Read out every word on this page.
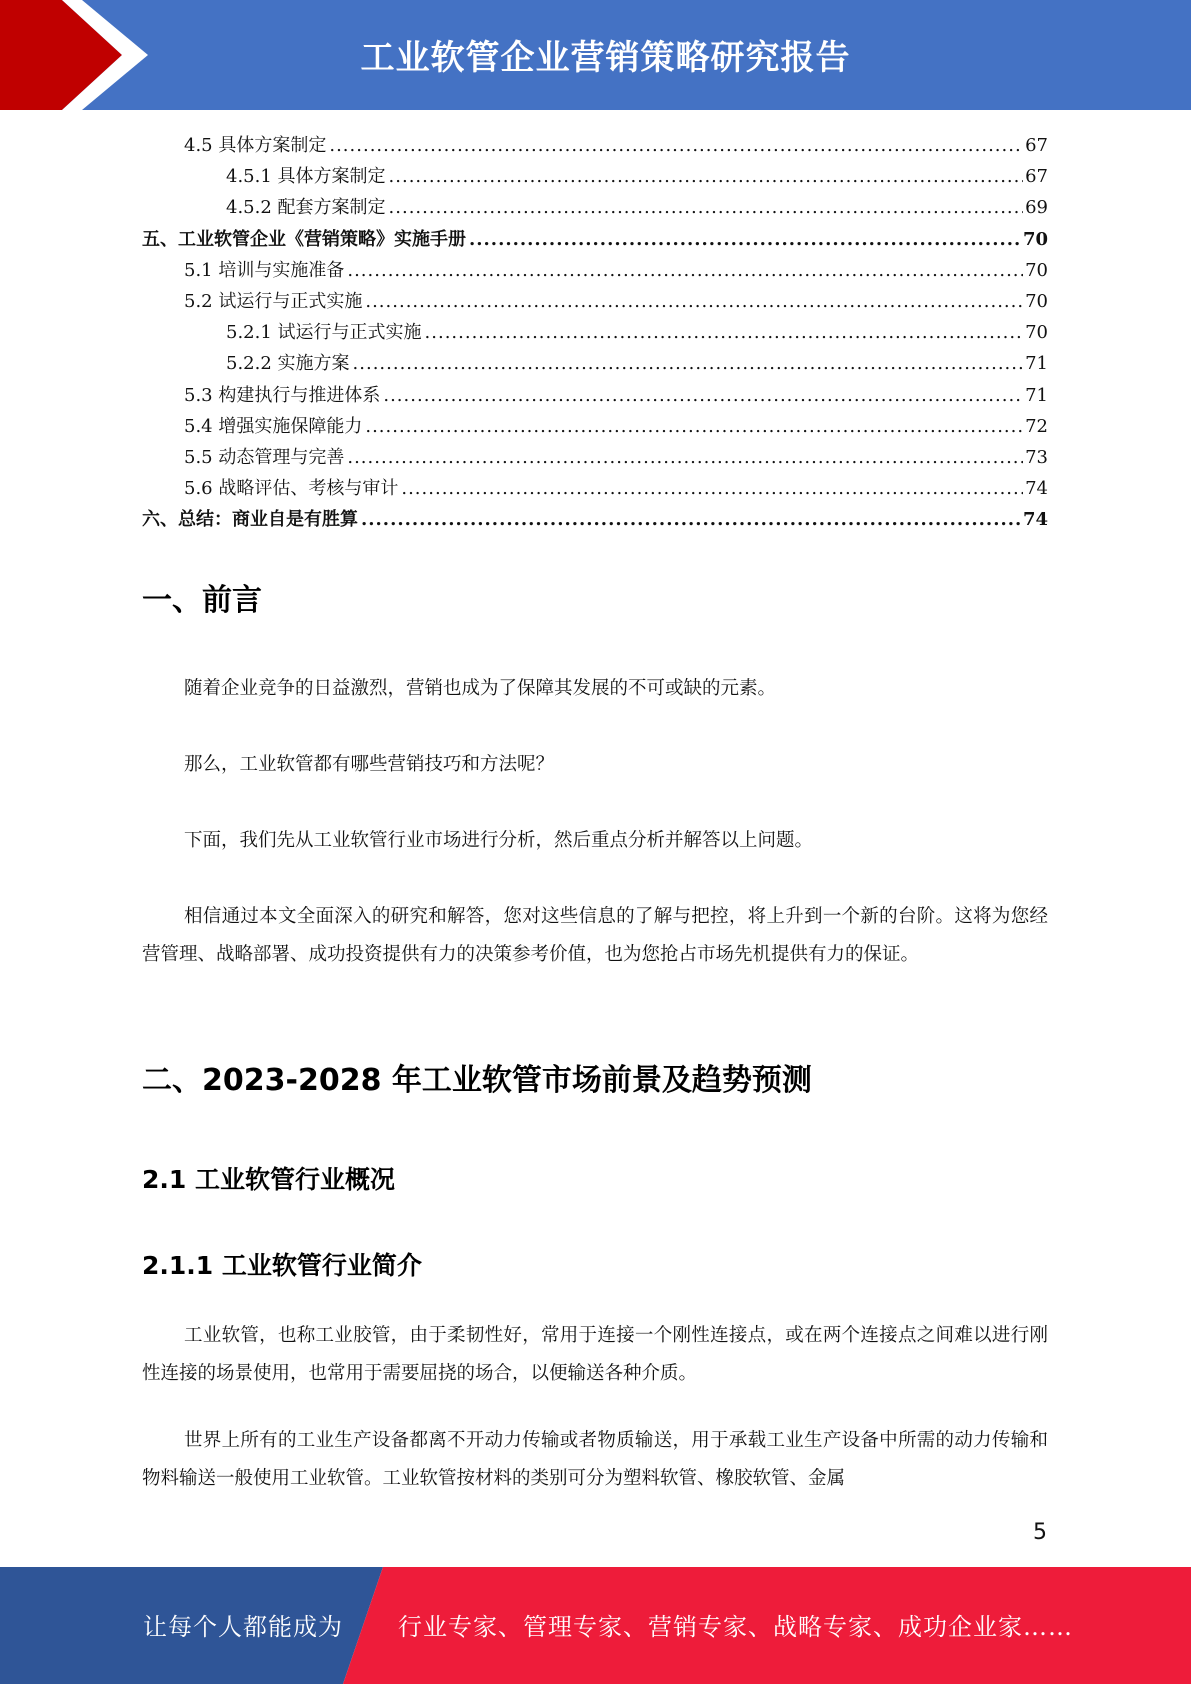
工业软管企业营销策略研究报告
4.5 具体方案制定 .....	67
4.5.1 具体方案制定 .....	67
4.5.2 配套方案制定 .....	69
五、工业软管企业《营销策略》实施手册 .....	70
5.1 培训与实施准备 .....	70
5.2 试运行与正式实施 .....	70
5.2.1 试运行与正式实施 .....	70
5.2.2 实施方案 .....	71
5.3 构建执行与推进体系 .....	71
5.4 增强实施保障能力 .....	72
5.5 动态管理与完善 .....	73
5.6 战略评估、考核与审计 .....	74
六、总结：商业自是有胜算 .....	74
一、前言
随着企业竞争的日益激烈，营销也成为了保障其发展的不可或缺的元素。
那么，工业软管都有哪些营销技巧和方法呢？
下面，我们先从工业软管行业市场进行分析，然后重点分析并解答以上问题。
相信通过本文全面深入的研究和解答，您对这些信息的了解与把控，将上升到一个新的台阶。这将为您经营管理、战略部署、成功投资提供有力的决策参考价值，也为您抢占市场先机提供有力的保证。
二、2023-2028 年工业软管市场前景及趋势预测
2.1 工业软管行业概况
2.1.1 工业软管行业简介
工业软管，也称工业胶管，由于柔韧性好，常用于连接一个刚性连接点，或在两个连接点之间难以进行刚性连接的场景使用，也常用于需要屈挠的场合，以便输送各种介质。
世界上所有的工业生产设备都离不开动力传输或者物质输送，用于承载工业生产设备中所需的动力传输和物料输送一般使用工业软管。工业软管按材料的类别可分为塑料软管、橡胶软管、金属
5
让每个人都能成为 行业专家、管理专家、营销专家、战略专家、成功企业家……
